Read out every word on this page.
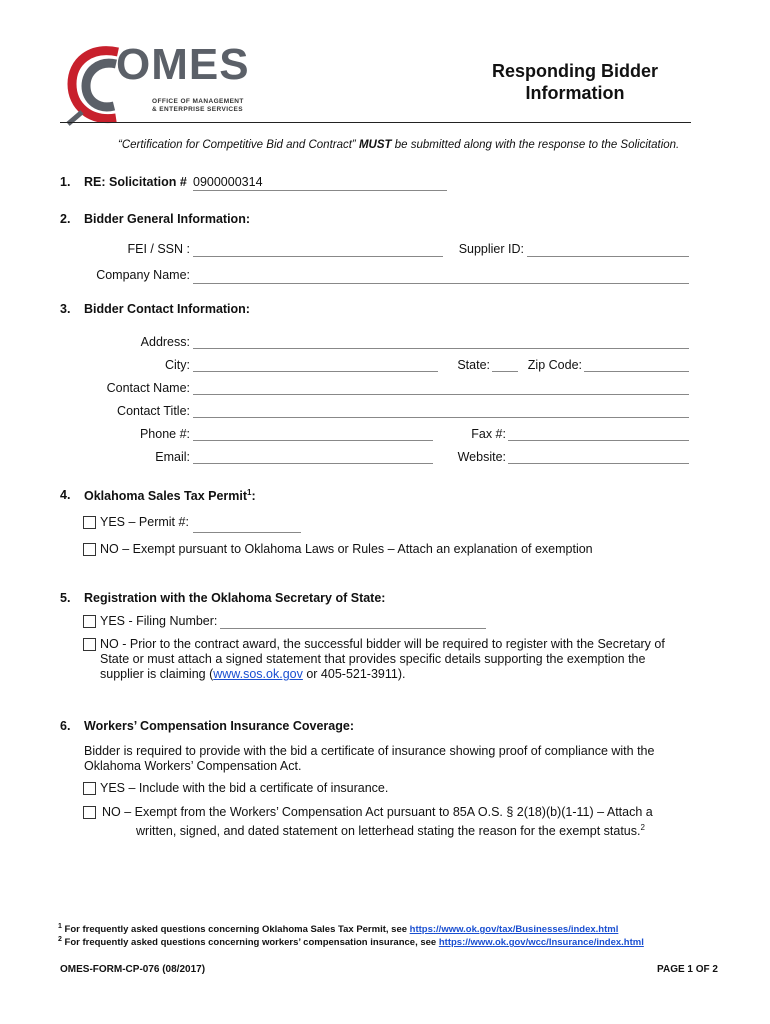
OMES
OFFICE OF MANAGEMENT
& ENTERPRISE SERVICES
Responding Bidder
Information
“Certification for Competitive Bid and Contract” MUST be submitted along with the response to the Solicitation.
1. RE: Solicitation # 0900000314
2. Bidder General Information:
FEI / SSN :	Supplier ID:
Company Name:
3. Bidder Contact Information:
Address:
City:	State:	Zip Code:
Contact Name:
Contact Title:
Phone #:	Fax #:
Email:	Website:
4. Oklahoma Sales Tax Permit$^1$:
YES – Permit #:
NO – Exempt pursuant to Oklahoma Laws or Rules – Attach an explanation of exemption
5. Registration with the Oklahoma Secretary of State:
YES - Filing Number:
NO - Prior to the contract award, the successful bidder will be required to register with the Secretary of
State or must attach a signed statement that provides specific details supporting the exemption the
supplier is claiming (www.sos.ok.gov or 405-521-3911).
6. Workers’ Compensation Insurance Coverage:
Bidder is required to provide with the bid a certificate of insurance showing proof of compliance with the
Oklahoma Workers’ Compensation Act.
YES – Include with the bid a certificate of insurance.
NO – Exempt from the Workers’ Compensation Act pursuant to 85A O.S. § 2(18)(b)(1-11) – Attach a
written, signed, and dated statement on letterhead stating the reason for the exempt status.$^2$
$^1$ For frequently asked questions concerning Oklahoma Sales Tax Permit, see https://www.ok.gov/tax/Businesses/index.html
$^2$ For frequently asked questions concerning workers’ compensation insurance, see https://www.ok.gov/wcc/Insurance/index.html
OMES-FORM-CP-076 (08/2017)	PAGE 1 OF 2
